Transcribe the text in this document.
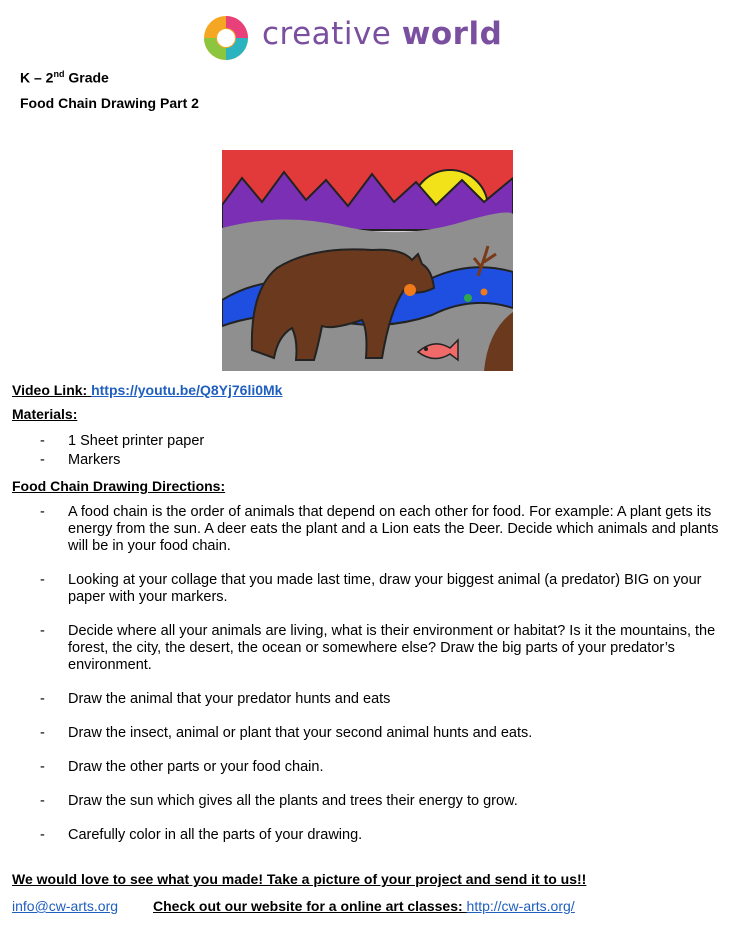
creative world
K – 2nd Grade
Food Chain Drawing Part 2
Video Link: https://youtu.be/Q8Yj76li0Mk
Materials:
- 1 Sheet printer paper
- Markers
Food Chain Drawing Directions:
- A food chain is the order of animals that depend on each other for food. For example: A plant gets its energy from the sun. A deer eats the plant and a Lion eats the Deer. Decide which animals and plants will be in your food chain.
- Looking at your collage that you made last time, draw your biggest animal (a predator) BIG on your paper with your markers.
- Decide where all your animals are living, what is their environment or habitat? Is it the mountains, the forest, the city, the desert, the ocean or somewhere else? Draw the big parts of your predator’s environment.
- Draw the animal that your predator hunts and eats
- Draw the insect, animal or plant that your second animal hunts and eats.
- Draw the other parts or your food chain.
- Draw the sun which gives all the plants and trees their energy to grow.
- Carefully color in all the parts of your drawing.
We would love to see what you made! Take a picture of your project and send it to us!!
info@cw-arts.org Check out our website for a online art classes: http://cw-arts.org/
